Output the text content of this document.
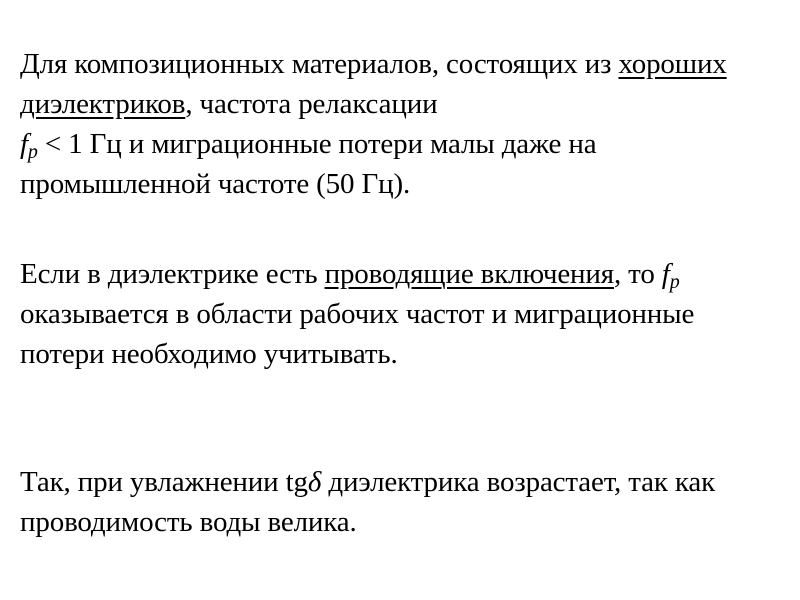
Для композиционных материалов, состоящих из хороших диэлектриков, частота релаксации
$f_p < 1$ Гц и миграционные потери малы даже на промышленной частоте (50 Гц).

Если в диэлектрике есть проводящие включения, то $f_p$ оказывается в области рабочих частот и миграционные потери необходимо учитывать.

Так, при увлажнении tgδ диэлектрика возрастает, так как проводимость воды велика.
